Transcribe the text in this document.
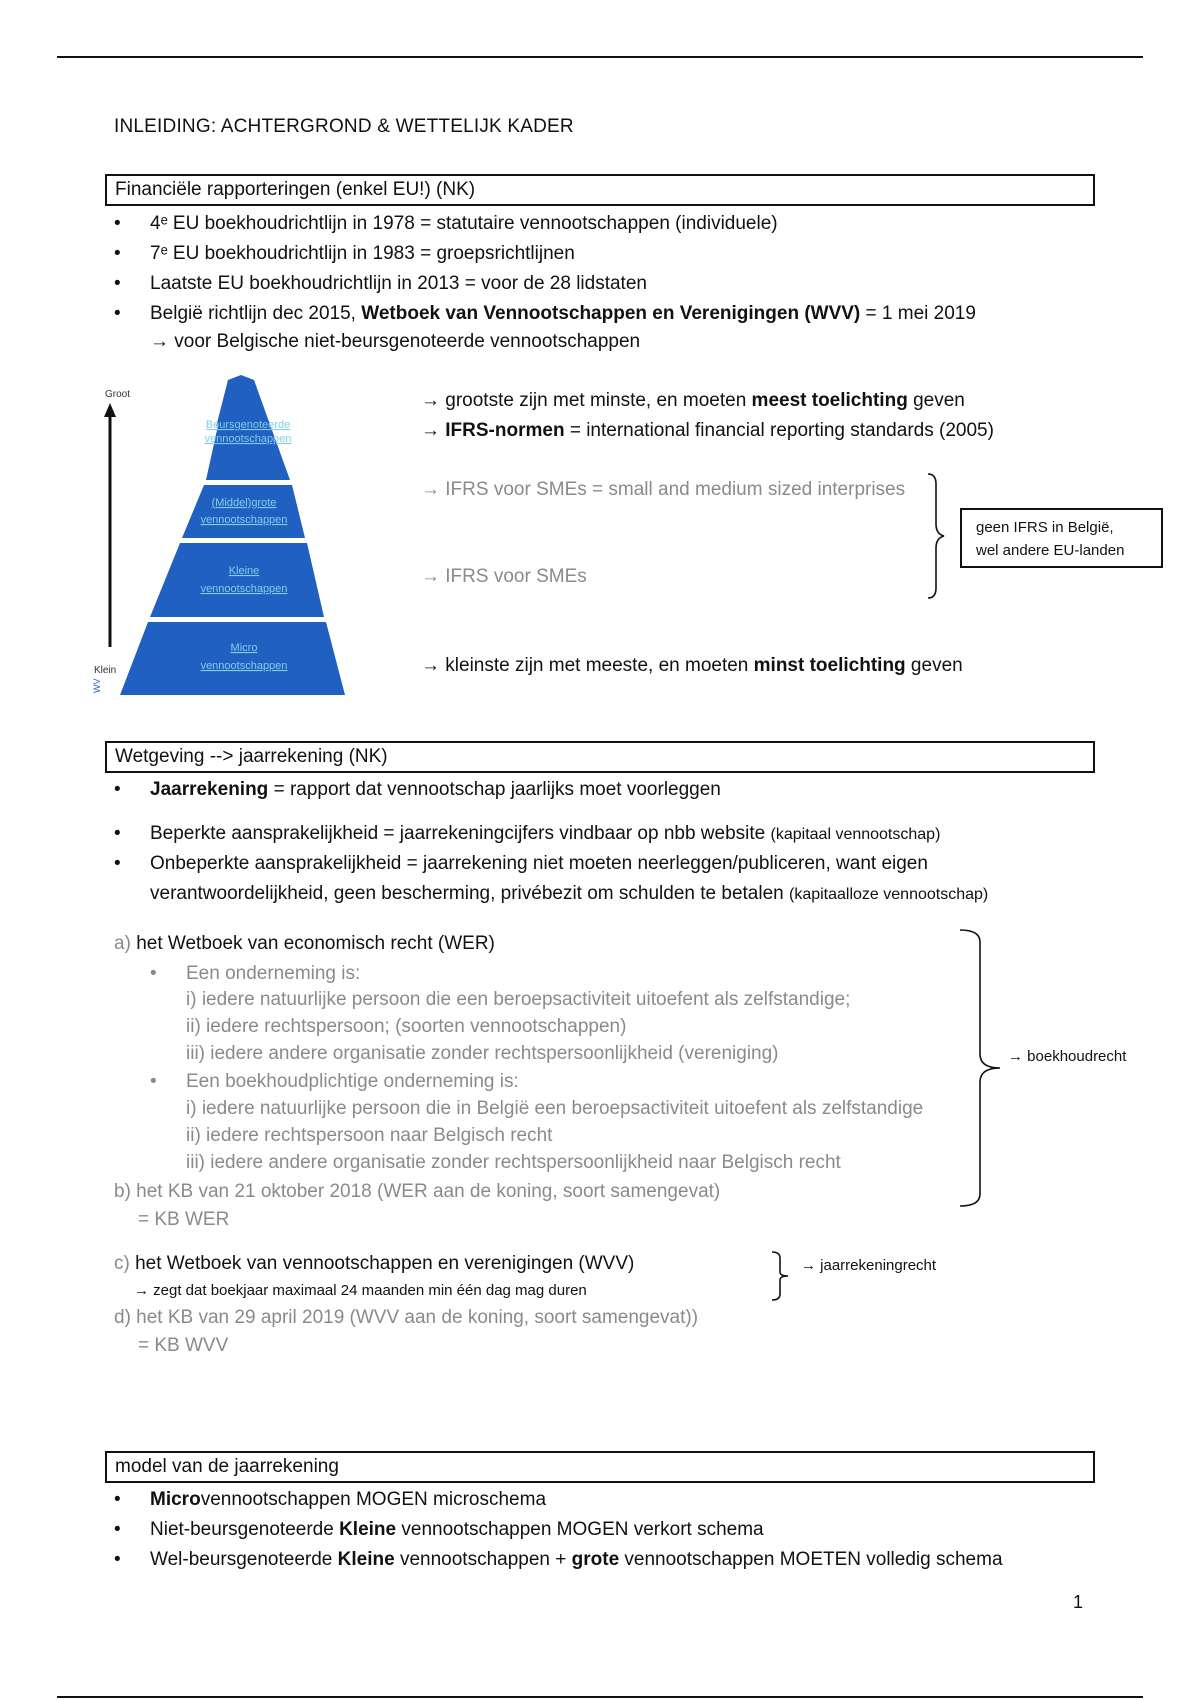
INLEIDING: ACHTERGROND & WETTELIJK KADER
Financiële rapporteringen (enkel EU!) (NK)
• 4ᵉ EU boekhoudrichtlijn in 1978 = statutaire vennootschappen (individuele)
• 7ᵉ EU boekhoudrichtlijn in 1983 = groepsrichtlijnen
• Laatste EU boekhoudrichtlijn in 2013 = voor de 28 lidstaten
• België richtlijn dec 2015, Wetboek van Vennootschappen en Verenigingen (WVV) = 1 mei 2019
→ voor Belgische niet-beursgenoteerde vennootschappen
Groot
Klein
WV
Beursgenoteerde
vennootschappen
(Middel)grote
vennootschappen
Kleine
vennootschappen
Micro
vennootschappen
→ grootste zijn met minste, en moeten meest toelichting geven
→ IFRS-normen = international financial reporting standards (2005)
→ IFRS voor SMEs = small and medium sized interprises
→ IFRS voor SMEs
→ kleinste zijn met meeste, en moeten minst toelichting geven
geen IFRS in België,
wel andere EU-landen
Wetgeving --> jaarrekening (NK)
• Jaarrekening = rapport dat vennootschap jaarlijks moet voorleggen
• Beperkte aansprakelijkheid = jaarrekeningcijfers vindbaar op nbb website (kapitaal vennootschap)
• Onbeperkte aansprakelijkheid = jaarrekening niet moeten neerleggen/publiceren, want eigen
verantwoordelijkheid, geen bescherming, privébezit om schulden te betalen (kapitaalloze vennootschap)
a) het Wetboek van economisch recht (WER)
• Een onderneming is:
i) iedere natuurlijke persoon die een beroepsactiviteit uitoefent als zelfstandige;
ii) iedere rechtspersoon; (soorten vennootschappen)
iii) iedere andere organisatie zonder rechtspersoonlijkheid (vereniging)
• Een boekhoudplichtige onderneming is:
i) iedere natuurlijke persoon die in België een beroepsactiviteit uitoefent als zelfstandige
ii) iedere rechtspersoon naar Belgisch recht
iii) iedere andere organisatie zonder rechtspersoonlijkheid naar Belgisch recht
b) het KB van 21 oktober 2018 (WER aan de koning, soort samengevat)
= KB WER
→ boekhoudrecht
c) het Wetboek van vennootschappen en verenigingen (WVV)
→ zegt dat boekjaar maximaal 24 maanden min één dag mag duren
→ jaarrekeningrecht
d) het KB van 29 april 2019 (WVV aan de koning, soort samengevat))
= KB WVV
model van de jaarrekening
• Microvennootschappen MOGEN microschema
• Niet-beursgenoteerde Kleine vennootschappen MOGEN verkort schema
• Wel-beursgenoteerde Kleine vennootschappen + grote vennootschappen MOETEN volledig schema
1
